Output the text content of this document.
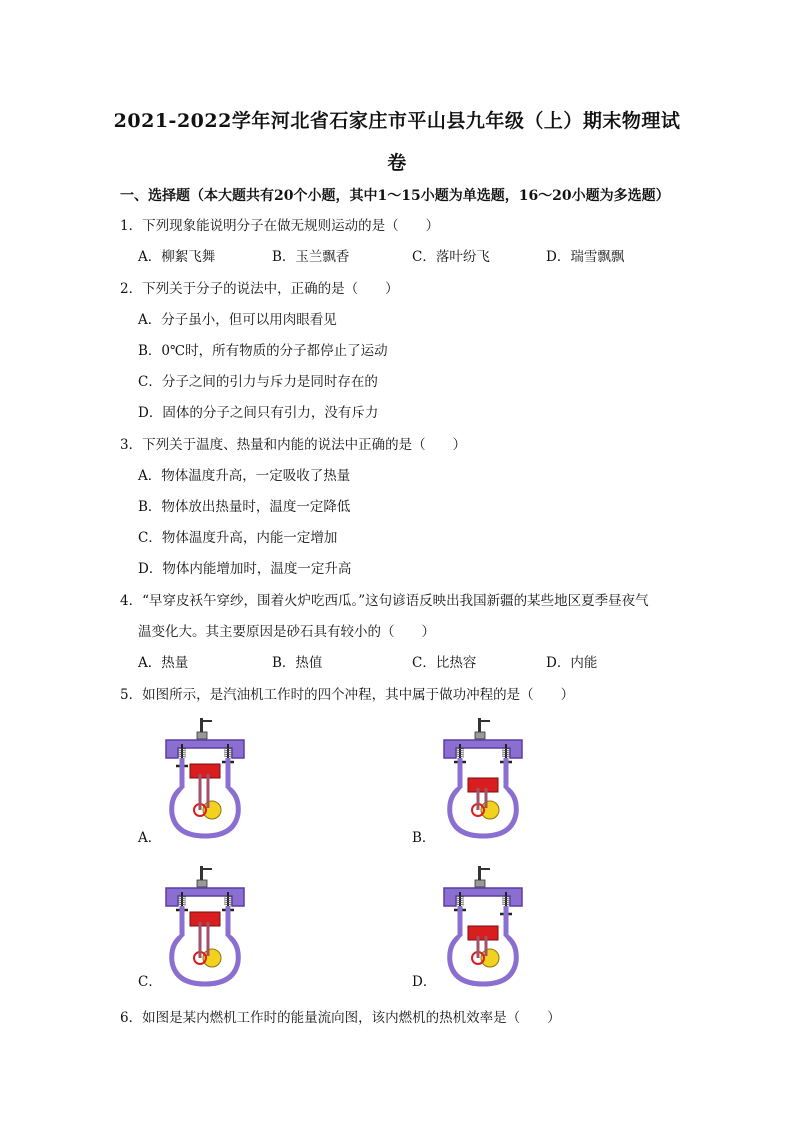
2021-2022学年河北省石家庄市平山县九年级（上）期末物理试
卷
一、选择题（本大题共有20个小题，其中1～15小题为单选题，16～20小题为多选题）
1．下列现象能说明分子在做无规则运动的是（　　）
A．柳絮飞舞	B．玉兰飘香	C．落叶纷飞	D．瑞雪飘飘
2．下列关于分子的说法中，正确的是（　　）
A．分子虽小，但可以用肉眼看见
B．0℃时，所有物质的分子都停止了运动
C．分子之间的引力与斥力是同时存在的
D．固体的分子之间只有引力，没有斥力
3．下列关于温度、热量和内能的说法中正确的是（　　）
A．物体温度升高，一定吸收了热量
B．物体放出热量时，温度一定降低
C．物体温度升高，内能一定增加
D．物体内能增加时，温度一定升高
4．“早穿皮袄午穿纱，围着火炉吃西瓜。”这句谚语反映出我国新疆的某些地区夏季昼夜气
温变化大。其主要原因是砂石具有较小的（　　）
A．热量	B．热值	C．比热容	D．内能
5．如图所示，是汽油机工作时的四个冲程，其中属于做功冲程的是（　　）
A．	B．
C．	D．
6．如图是某内燃机工作时的能量流向图，该内燃机的热机效率是（　　）
